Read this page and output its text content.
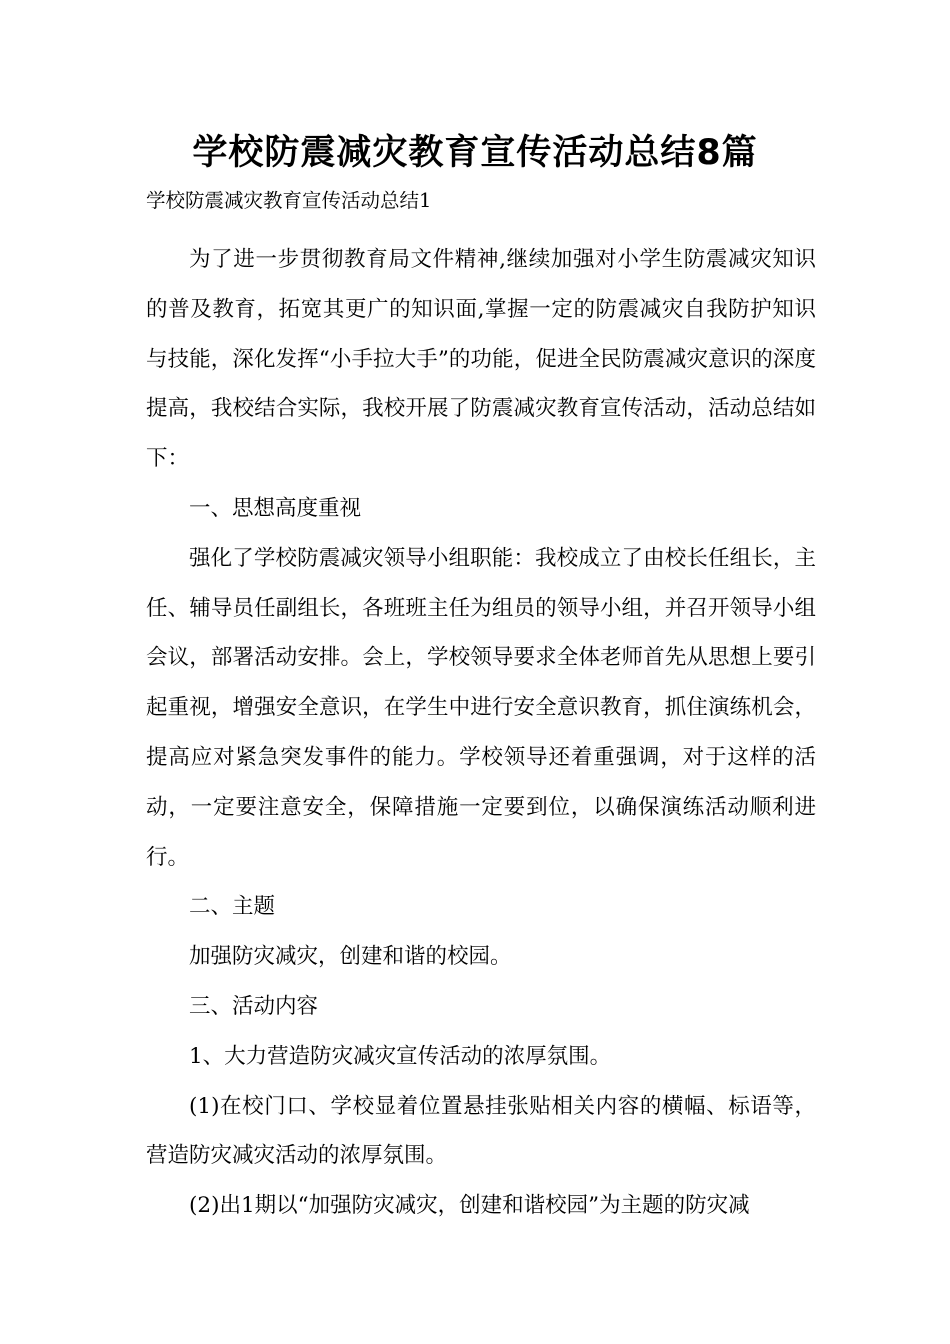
学校防震减灾教育宣传活动总结8篇
学校防震减灾教育宣传活动总结1

为了进一步贯彻教育局文件精神,继续加强对小学生防震减灾知识的普及教育，拓宽其更广的知识面,掌握一定的防震减灾自我防护知识与技能，深化发挥“小手拉大手”的功能，促进全民防震减灾意识的深度提高，我校结合实际，我校开展了防震减灾教育宣传活动，活动总结如下：

一、思想高度重视

强化了学校防震减灾领导小组职能：我校成立了由校长任组长，主任、辅导员任副组长，各班班主任为组员的领导小组，并召开领导小组会议，部署活动安排。会上，学校领导要求全体老师首先从思想上要引起重视，增强安全意识，在学生中进行安全意识教育，抓住演练机会，提高应对紧急突发事件的能力。学校领导还着重强调，对于这样的活动，一定要注意安全，保障措施一定要到位，以确保演练活动顺利进行。

二、主题

加强防灾减灾，创建和谐的校园。

三、活动内容

1、大力营造防灾减灾宣传活动的浓厚氛围。

(1)在校门口、学校显着位置悬挂张贴相关内容的横幅、标语等，营造防灾减灾活动的浓厚氛围。

(2)出1期以“加强防灾减灾，创建和谐校园”为主题的防灾减
